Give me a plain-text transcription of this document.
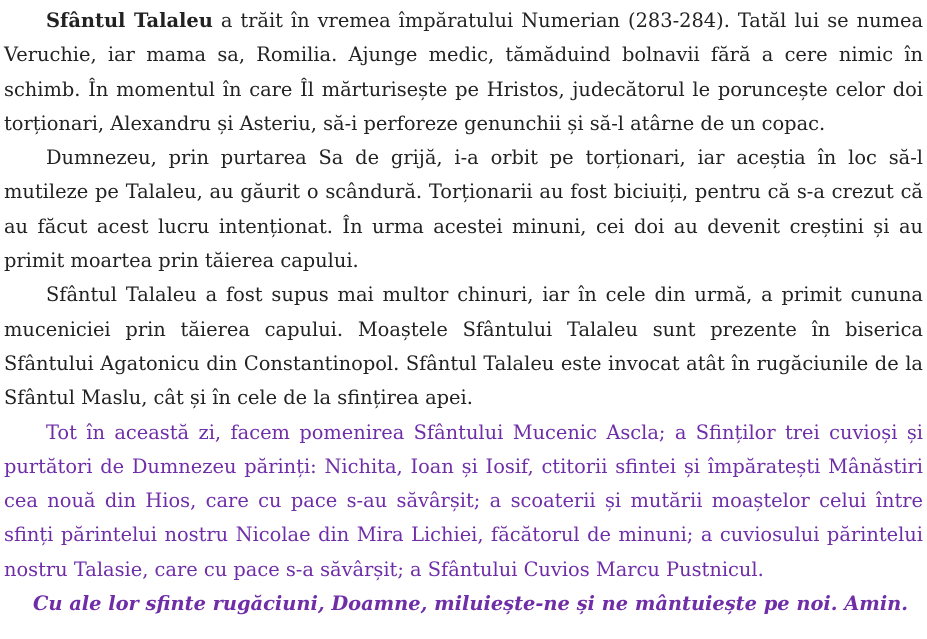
Sfântul Talaleu a trăit în vremea împăratului Numerian (283-284). Tatăl lui se numea Veruchie, iar mama sa, Romilia. Ajunge medic, tămăduind bolnavii fără a cere nimic în schimb. În momentul în care Îl mărturisește pe Hristos, judecătorul le poruncește celor doi torționari, Alexandru și Asteriu, să-i perforeze genunchii și să-l atârne de un copac.

Dumnezeu, prin purtarea Sa de grijă, i-a orbit pe torționari, iar aceștia în loc să-l mutileze pe Talaleu, au găurit o scândură. Torționarii au fost biciuiți, pentru că s-a crezut că au făcut acest lucru intenționat. În urma acestei minuni, cei doi au devenit creștini și au primit moartea prin tăierea capului.

Sfântul Talaleu a fost supus mai multor chinuri, iar în cele din urmă, a primit cununa muceniciei prin tăierea capului. Moaștele Sfântului Talaleu sunt prezente în biserica Sfântului Agatonicu din Constantinopol. Sfântul Talaleu este invocat atât în rugăciunile de la Sfântul Maslu, cât și în cele de la sfințirea apei.

Tot în această zi, facem pomenirea Sfântului Mucenic Ascla; a Sfinților trei cuvioși și purtători de Dumnezeu părinți: Nichita, Ioan și Iosif, ctitorii sfintei și împăratești Mânăstiri cea nouă din Hios, care cu pace s-au săvârșit; a scoaterii și mutării moaștelor celui între sfinți părintelui nostru Nicolae din Mira Lichiei, făcătorul de minuni; a cuviosului părintelui nostru Talasie, care cu pace s-a săvârșit; a Sfântului Cuvios Marcu Pustnicul.

Cu ale lor sfinte rugăciuni, Doamne, miluiește-ne și ne mântuiește pe noi. Amin.
